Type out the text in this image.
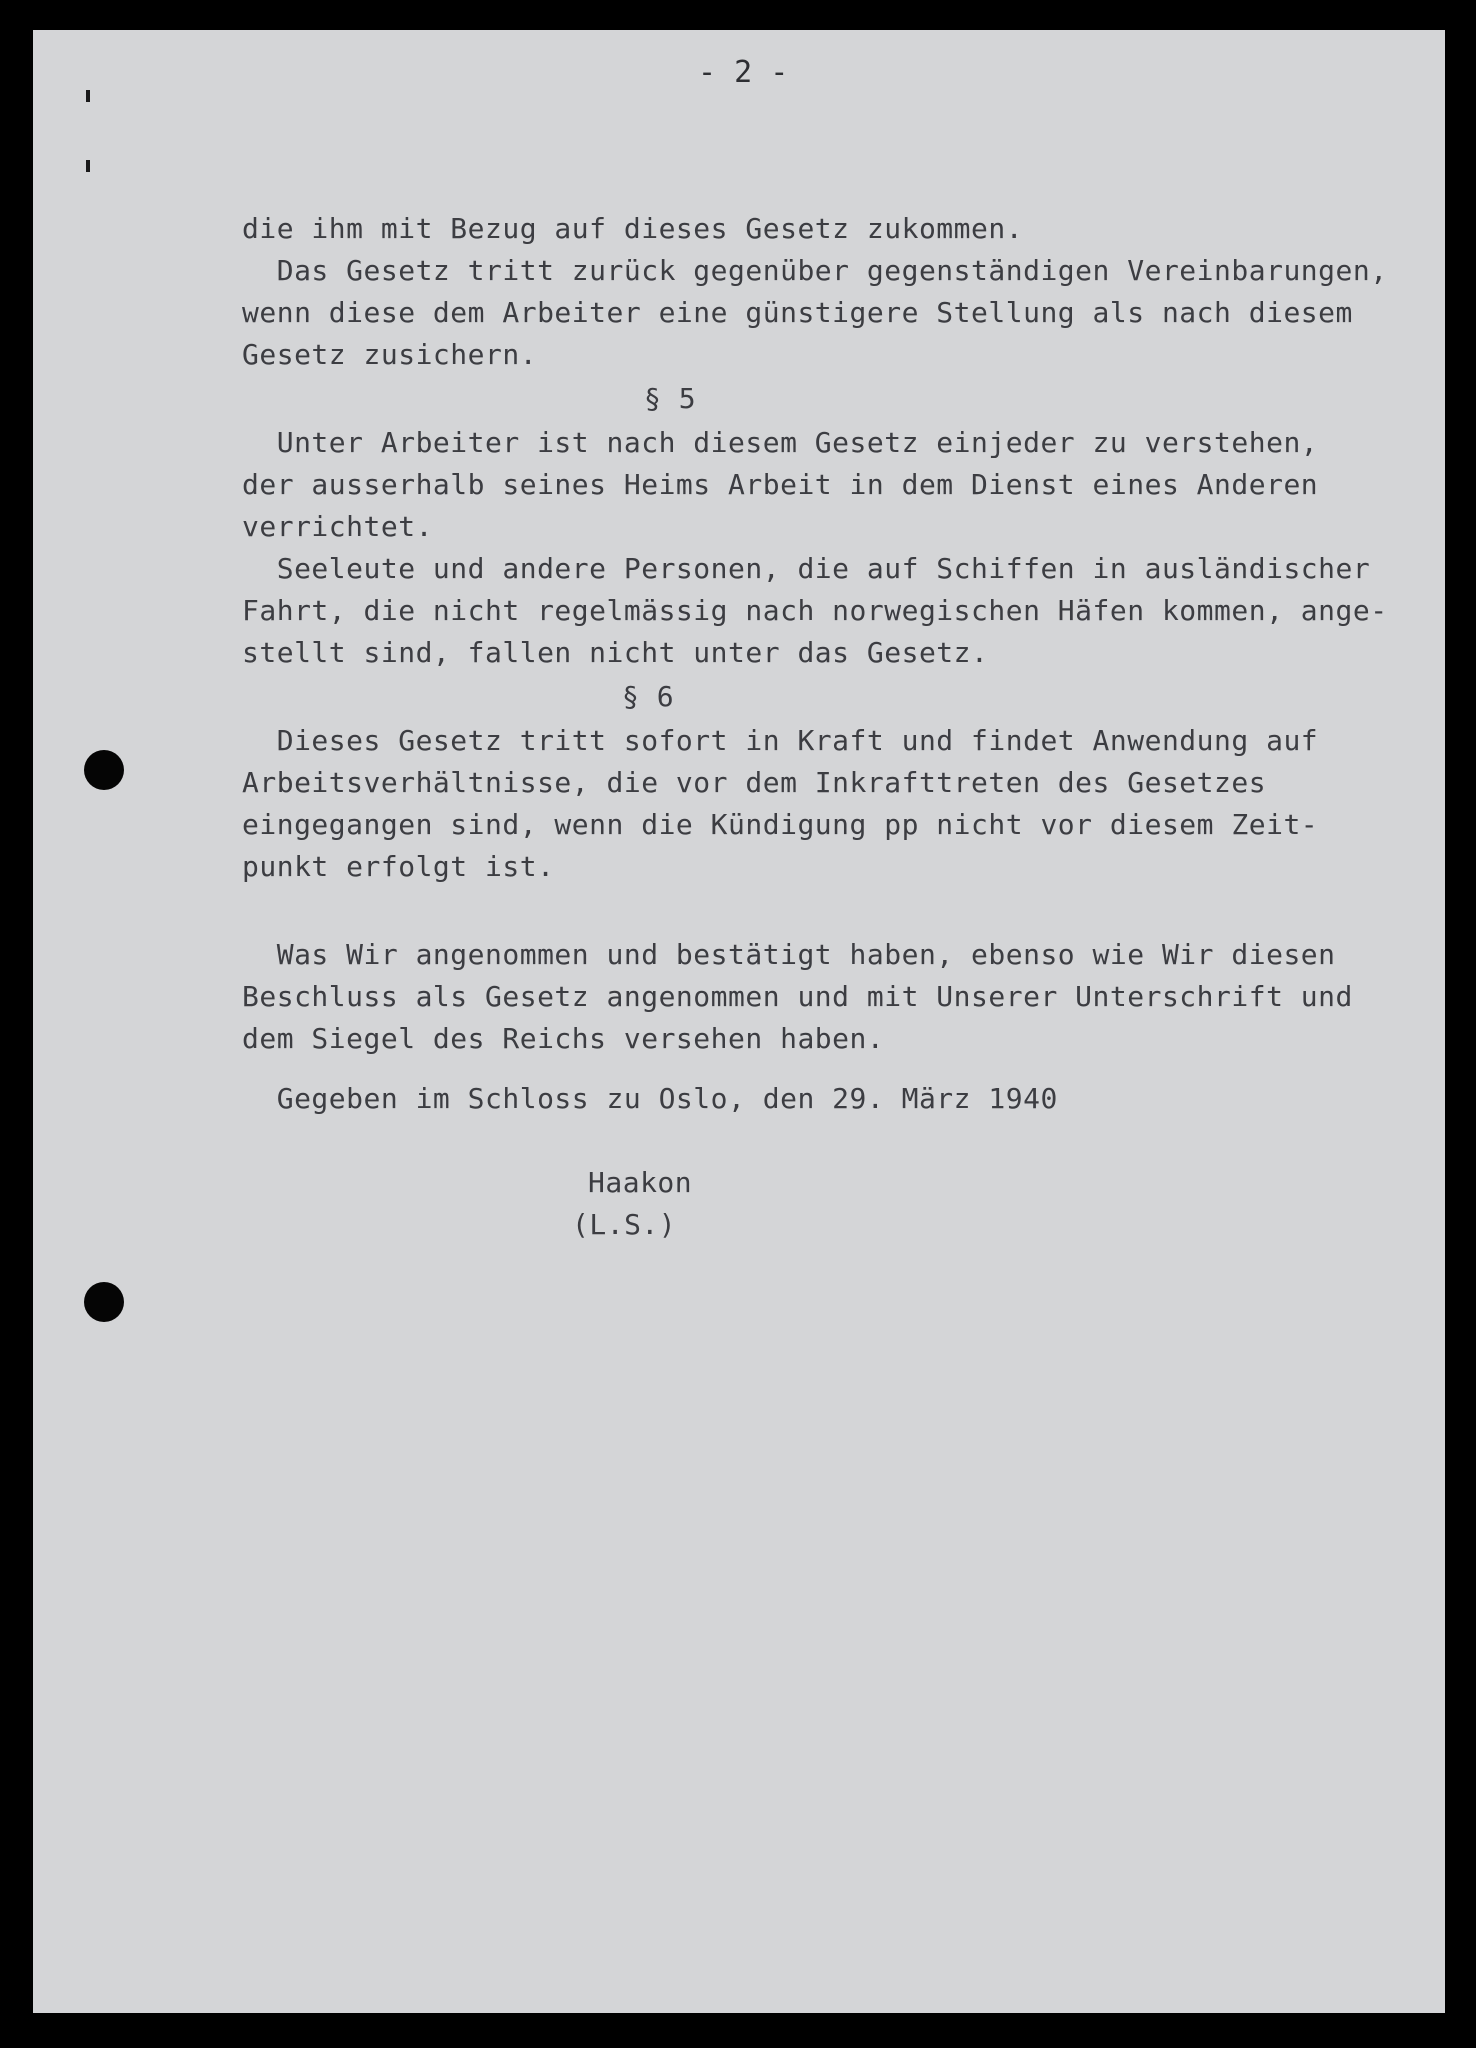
- 2 -

die ihm mit Bezug auf dieses Gesetz zukommen.

Das Gesetz tritt zurück gegenüber gegenständigen Vereinbarungen,

wenn diese dem Arbeiter eine günstigere Stellung als nach diesem

Gesetz zusichern.

§ 5

Unter Arbeiter ist nach diesem Gesetz einjeder zu verstehen,

der ausserhalb seines Heims Arbeit in dem Dienst eines Anderen

verrichtet.

Seeleute und andere Personen, die auf Schiffen in ausländischer

Fahrt, die nicht regelmässig nach norwegischen Häfen kommen, ange-

stellt sind, fallen nicht unter das Gesetz.

§ 6

Dieses Gesetz tritt sofort in Kraft und findet Anwendung auf

Arbeitsverhältnisse, die vor dem Inkrafttreten des Gesetzes

eingegangen sind, wenn die Kündigung pp nicht vor diesem Zeit-

punkt erfolgt ist.

Was Wir angenommen und bestätigt haben, ebenso wie Wir diesen

Beschluss als Gesetz angenommen und mit Unserer Unterschrift und

dem Siegel des Reichs versehen haben.

Gegeben im Schloss zu Oslo, den 29. März 1940

Haakon

(L.S.)
